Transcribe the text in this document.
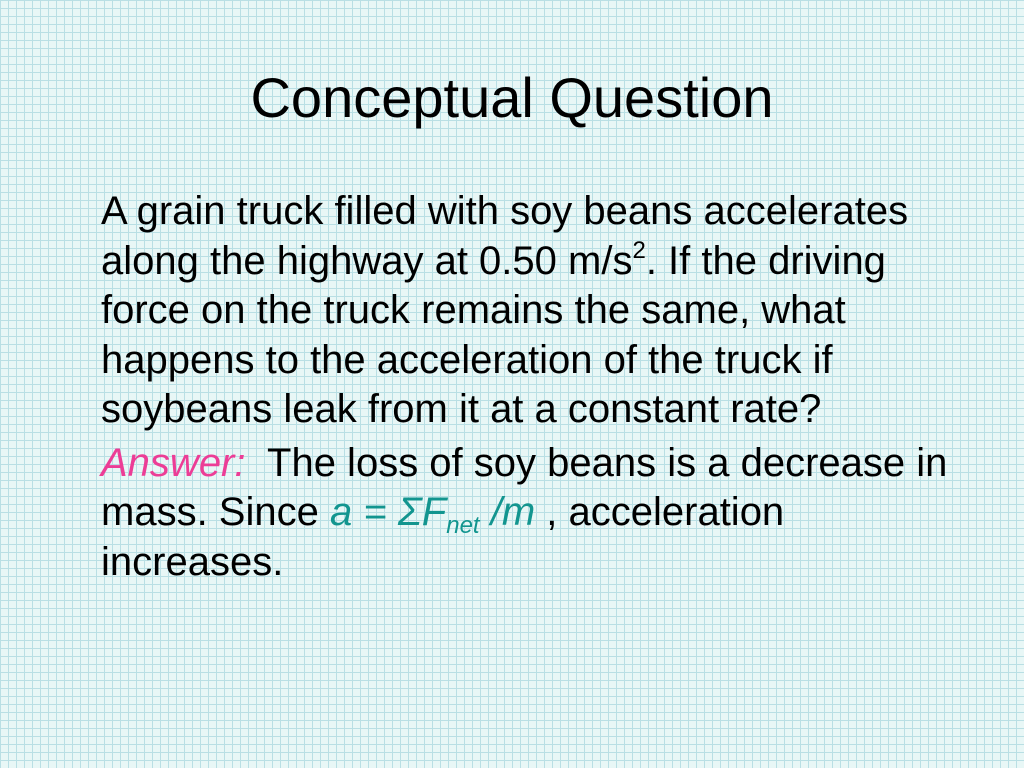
Conceptual Question

A grain truck filled with soy beans accelerates along the highway at 0.50 $m/s^2$. If the driving force on the truck remains the same, what happens to the acceleration of the truck if soybeans leak from it at a constant rate?

Answer: The loss of soy beans is a decrease in mass. Since $a = \Sigma F_{net}$ /m , acceleration increases.
